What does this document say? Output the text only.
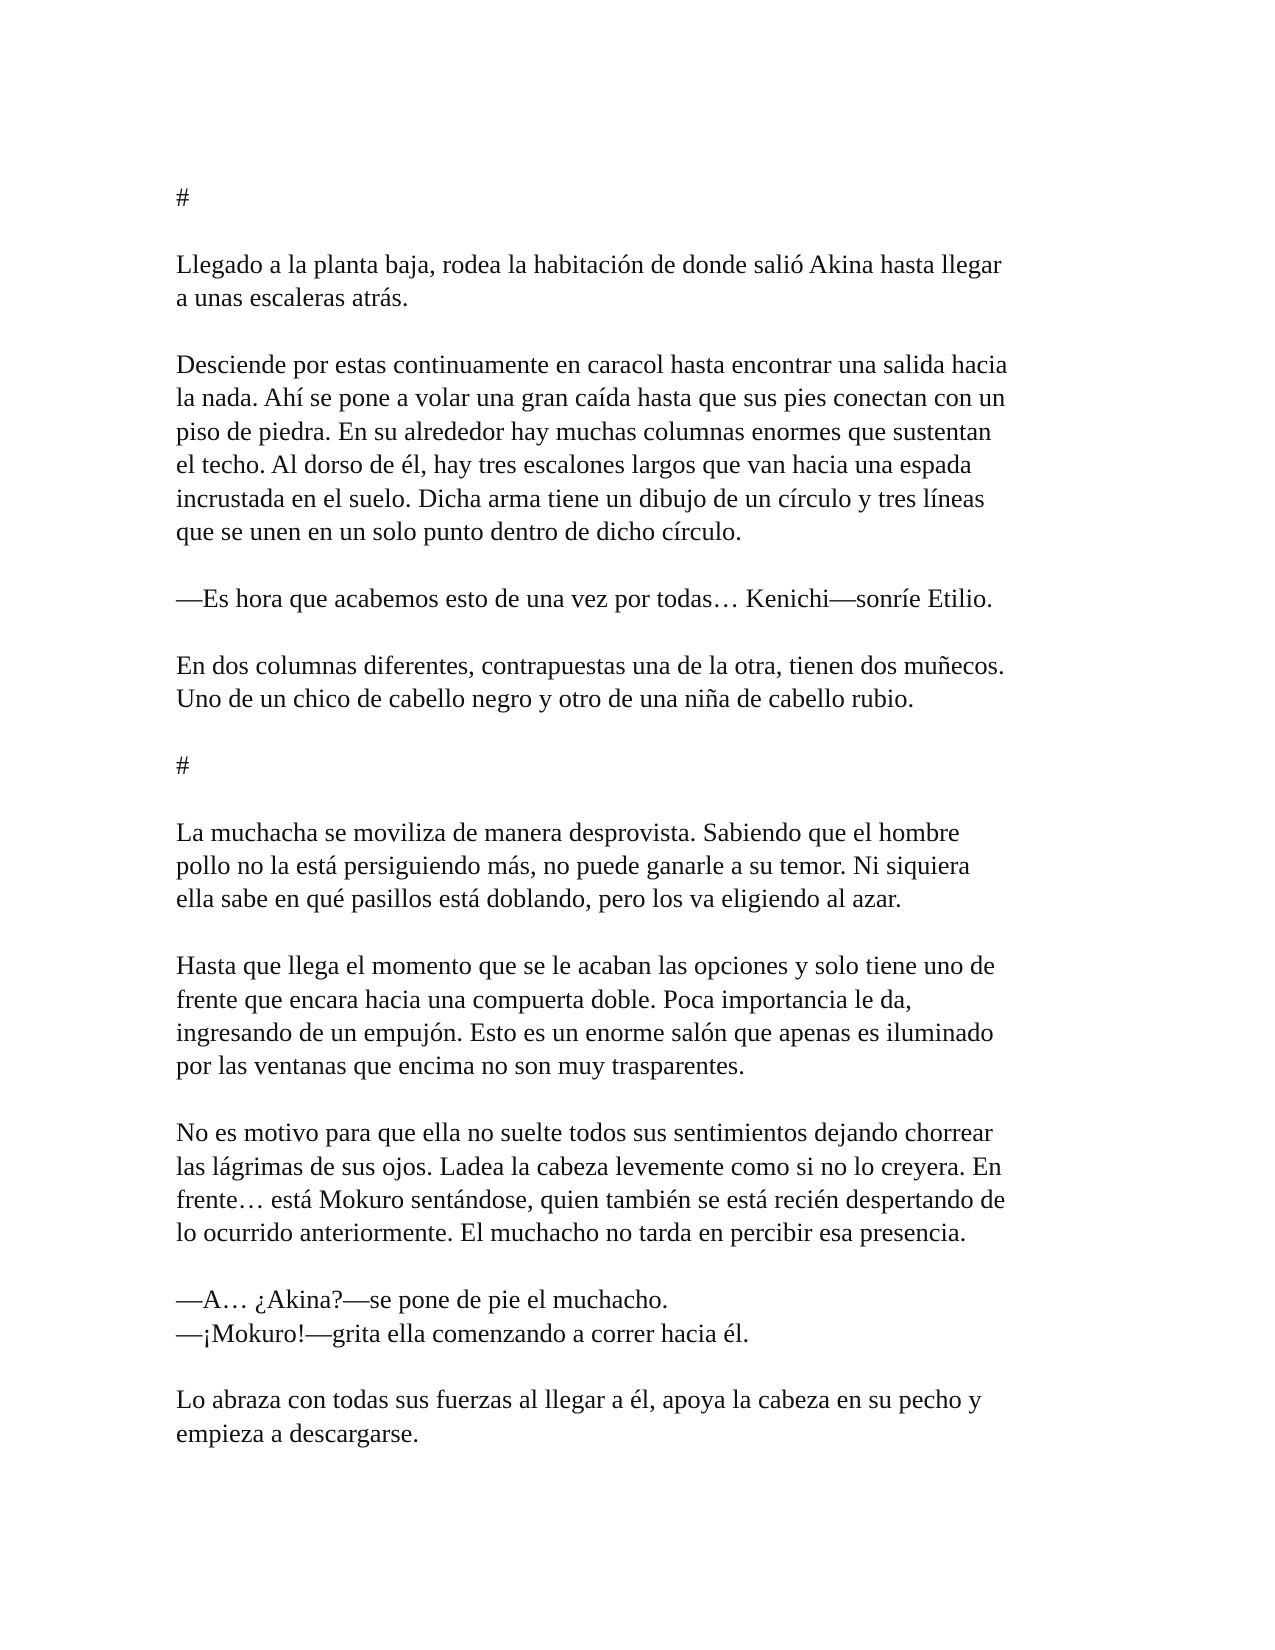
#

Llegado a la planta baja, rodea la habitación de donde salió Akina hasta llegar
a unas escaleras atrás.

Desciende por estas continuamente en caracol hasta encontrar una salida hacia
la nada. Ahí se pone a volar una gran caída hasta que sus pies conectan con un
piso de piedra. En su alrededor hay muchas columnas enormes que sustentan
el techo. Al dorso de él, hay tres escalones largos que van hacia una espada
incrustada en el suelo. Dicha arma tiene un dibujo de un círculo y tres líneas
que se unen en un solo punto dentro de dicho círculo.

—Es hora que acabemos esto de una vez por todas… Kenichi—sonríe Etilio.

En dos columnas diferentes, contrapuestas una de la otra, tienen dos muñecos.
Uno de un chico de cabello negro y otro de una niña de cabello rubio.

#

La muchacha se moviliza de manera desprovista. Sabiendo que el hombre
pollo no la está persiguiendo más, no puede ganarle a su temor. Ni siquiera
ella sabe en qué pasillos está doblando, pero los va eligiendo al azar.

Hasta que llega el momento que se le acaban las opciones y solo tiene uno de
frente que encara hacia una compuerta doble. Poca importancia le da,
ingresando de un empujón. Esto es un enorme salón que apenas es iluminado
por las ventanas que encima no son muy trasparentes.

No es motivo para que ella no suelte todos sus sentimientos dejando chorrear
las lágrimas de sus ojos. Ladea la cabeza levemente como si no lo creyera. En
frente… está Mokuro sentándose, quien también se está recién despertando de
lo ocurrido anteriormente. El muchacho no tarda en percibir esa presencia.

—A… ¿Akina?—se pone de pie el muchacho.

—¡Mokuro!—grita ella comenzando a correr hacia él.

Lo abraza con todas sus fuerzas al llegar a él, apoya la cabeza en su pecho y
empieza a descargarse.
